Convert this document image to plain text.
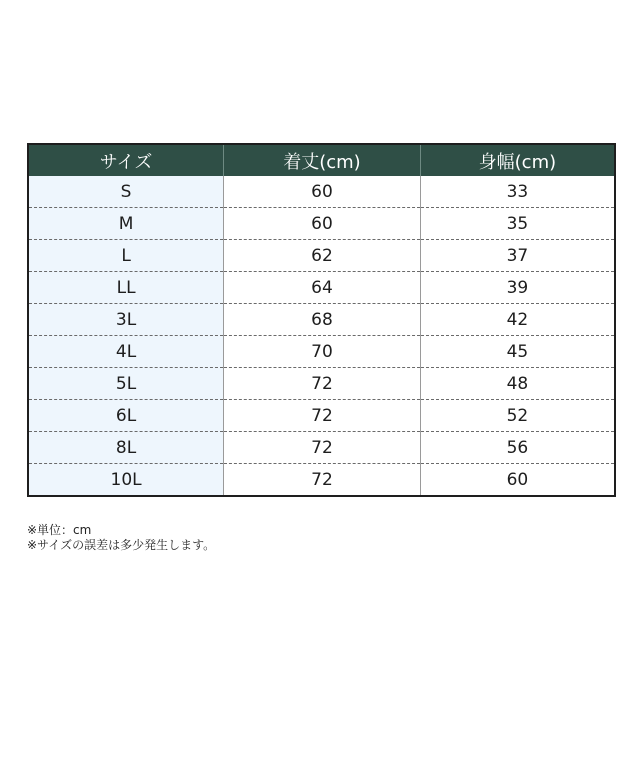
サイズ	着丈(cm)	身幅(cm)
S	60	33
M	60	35
L	62	37
LL	64	39
3L	68	42
4L	70	45
5L	72	48
6L	72	52
8L	72	56
10L	72	60
※単位：cm
※サイズの誤差は多少発生します。
